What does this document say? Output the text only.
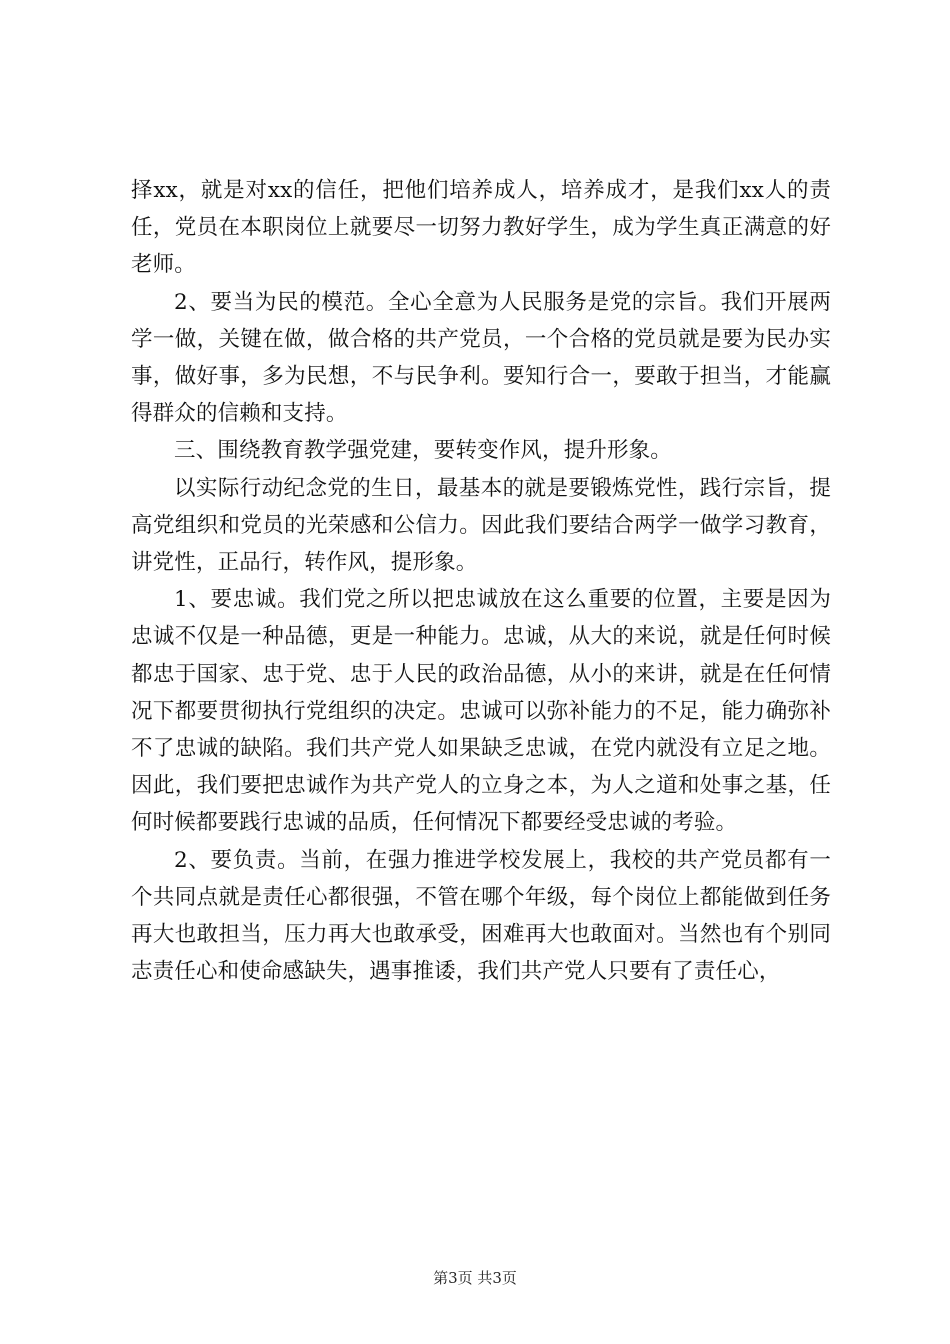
择xx，就是对xx的信任，把他们培养成人，培养成才，是我们xx人的责任，党员在本职岗位上就要尽一切努力教好学生，成为学生真正满意的好老师。

2、要当为民的模范。全心全意为人民服务是党的宗旨。我们开展两学一做，关键在做，做合格的共产党员，一个合格的党员就是要为民办实事，做好事，多为民想，不与民争利。要知行合一，要敢于担当，才能赢得群众的信赖和支持。

三、围绕教育教学强党建，要转变作风，提升形象。

以实际行动纪念党的生日，最基本的就是要锻炼党性，践行宗旨，提高党组织和党员的光荣感和公信力。因此我们要结合两学一做学习教育，讲党性，正品行，转作风，提形象。

1、要忠诚。我们党之所以把忠诚放在这么重要的位置，主要是因为忠诚不仅是一种品德，更是一种能力。忠诚，从大的来说，就是任何时候都忠于国家、忠于党、忠于人民的政治品德，从小的来讲，就是在任何情况下都要贯彻执行党组织的决定。忠诚可以弥补能力的不足，能力确弥补不了忠诚的缺陷。我们共产党人如果缺乏忠诚，在党内就没有立足之地。因此，我们要把忠诚作为共产党人的立身之本，为人之道和处事之基，任何时候都要践行忠诚的品质，任何情况下都要经受忠诚的考验。

2、要负责。当前，在强力推进学校发展上，我校的共产党员都有一个共同点就是责任心都很强，不管在哪个年级，每个岗位上都能做到任务再大也敢担当，压力再大也敢承受，困难再大也敢面对。当然也有个别同志责任心和使命感缺失，遇事推诿，我们共产党人只要有了责任心，

第3页 共3页
